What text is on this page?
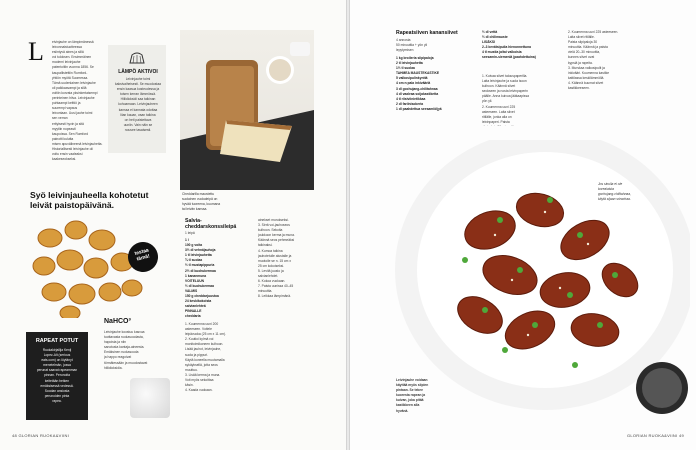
L eivinjauhe on lämpimänessä
leivonnaistuotteessa
esiintyvä aines ja sillä
voi tuloksen. Ensimmäinen
moderni leivinjauhe
patentoitiin vuonna 1856. Se
kaupallistettiin Rumford-
yhtiön myötä Suomessa.
Tämä uudenlainen leivinjauhe
oli paikkaavampi ja sillä
voitiin korvata yksinkertaisempi
perinteinen hiiva. Leivinjauhe
puhtaampi keittiö ja
suurempi vapaus
leivontaan. Uusi jauhe toimi
sen verran
erityisesti hyvin ja sitä
myytiin nopeasti
kaupoissa. Sen Rumford
painotti kulutta
misen apuvälineenä leivinjauhetta.
Historiallisesti leivinjauhe oli
voitu ensin vaaleaksi
kaakeseokseksi.
LÄMPÖ AKTIVOI
Leivinjauhe toimi
kaksivaiheisesti. Se muodostaa
ensin kaasua kosteudessa ja
toisen kerran lämmössä.
Hiilidioksidi saa taikinan
kohoamaan. Leivinjauheen
kanssa ei kannata odottaa
liian kauan, vaan taikina
on heti paistettava
uuniin. Vain näin se
nousee tasaisesti.
Cheddarilla maustettu
suolainen vuokaleipä on
hyvää tuoreena, kuumana
tai leivän kanssa.
Syö leivinjauheella kohotetut
leivät paistopäivänä.
testaa
tämä!
RAPEAT POTUT
Ruokakirjailija Kenji
Lopez-Alt (serious
eats.com) on löytänyt
menetelmän, jossa
perunat saavat rapeamman
pinnan. Perunoita
keitetään hetken
emäksisessä vedessä.
Soodan ansiosta
perunoiden pinta
rapea.
NaHCO³
Leivinjauhe koostuu kasvua
tuottavasta ruokasoodasta,
hapoista ja niin
sanotusta kantaja-aineesta.
Emäksinen ruokasooda
ja happo reagoivat
törmätessään ja muodostavat
hiilidioksidia.
Salvia-
cheddarskonssileipä
1 leipä
1 l
100 g voita
3½ dl vehnäjauhoja
1 tl leivinjauhetta
¾ tl suolaa
½ tl mustapippuria
2½ dl kuohukermaa
1 kananmuna
VOITELUUN
½ dl kuohukermaa
VALMIS
150 g cheddarjuustoa
24 keskikokoista
salvianlehteä
PINNALLE
cheddaria

1. Kuumenna uuni 200
asteeseen. Voitele
leipävuoka (25 cm x 11 cm).
2. Kuutioi kylmä voi
monitoimikoneen kulhoon.
Lisää jauhot, leivinjauhe,
suola ja pippuri.
Käytä koneella muutamalla
sykäyksellä, jotta seos
muuttuu.
3. Lisää kerma ja muna.
Voit myös sekoittaa
käsin.
4. Kaada vuokaan.
ainekset murukseksi.
3. Sirrä voi-jauhoseos
kulhoon. Sekoita
joukkoon kerma ja muna.
Käännä seos pehmeäksi
taikinaksi.
4. Kumoa taikina
jauhotetulle alustalle ja
muotoile se n. 15 cm x
25 cm kokoiseksi.
5. Levitä juusto ja
salvianlehdet.
6. Kokoa vuokaan.
7. Paista uunissa 40–45
minuuttia.
8. Leikkaa lämpimänä.
48 GLORIAN RUOKA&VIINI
Rapeatsiiven kanansiivet
4 annosta
50 minuuttia + yön yli
lepytymisen
1 kg broileria siipipaloja
2 tl leivinjauhetta
1½ tl suolaa
TAHMEA MAUSTEKASTIKE
5 valkosipulinkynttä
4 cm:n pala inkivääriä
3 dl gochujang-chilitahnaa
4 dl vaaleaa soijakastiketta
4 tl riisiviinietikkaa
2 dl fariinisokeria
1 dl paahdettua seesamiöljyä
½ dl vettä
½ dl chilimauste
LISÄKSI
2–3 kevätsipulia hienonnettuna
4 tl mustia ja/tai valkoisia
seesamin-siemeniä (paahdettuina)
1. Kuivaa siivet talouspaperilla.
Laita leivinjauhe ja suola isoon
kulhoon. Käännä siivet
seokseen ja nosta leivinpaperin
päälle. Anna kuivua jääkaapissa
yön yli.
2. Kuumenna uuni 225
asteeseen. Laita siivet
ritilälle, jonka alla on
leivinpaperi. Paista

2. Kuumenna uuni 225 asteeseen.
Laita siivet ritilälle.
Paista siipipaloja 30
minuuttia. Käännä ja paista
vielä 20–30 minuuttia,
kunnes siivet ovat
kypsiä ja rapeita.
3. Murskaa valkosipulit ja
inkivääri. Kuumenna kastike
kattilassa keskilämmöllä.
4. Käännä kuumat siivet
kastikkeeseen.
GLORIAN RUOKA&VIINI 49
Jos sinulla ei ole
korealaista
gochujang-chilitahnaa,
käytä sijaan srirachaa.
Leivinjauhe voidaan
käyttää myös siipien
pintaan. Se tekee
kuoresta rapean ja
kuivan, joka pitää
kastikkeen alla
hyvänä.
